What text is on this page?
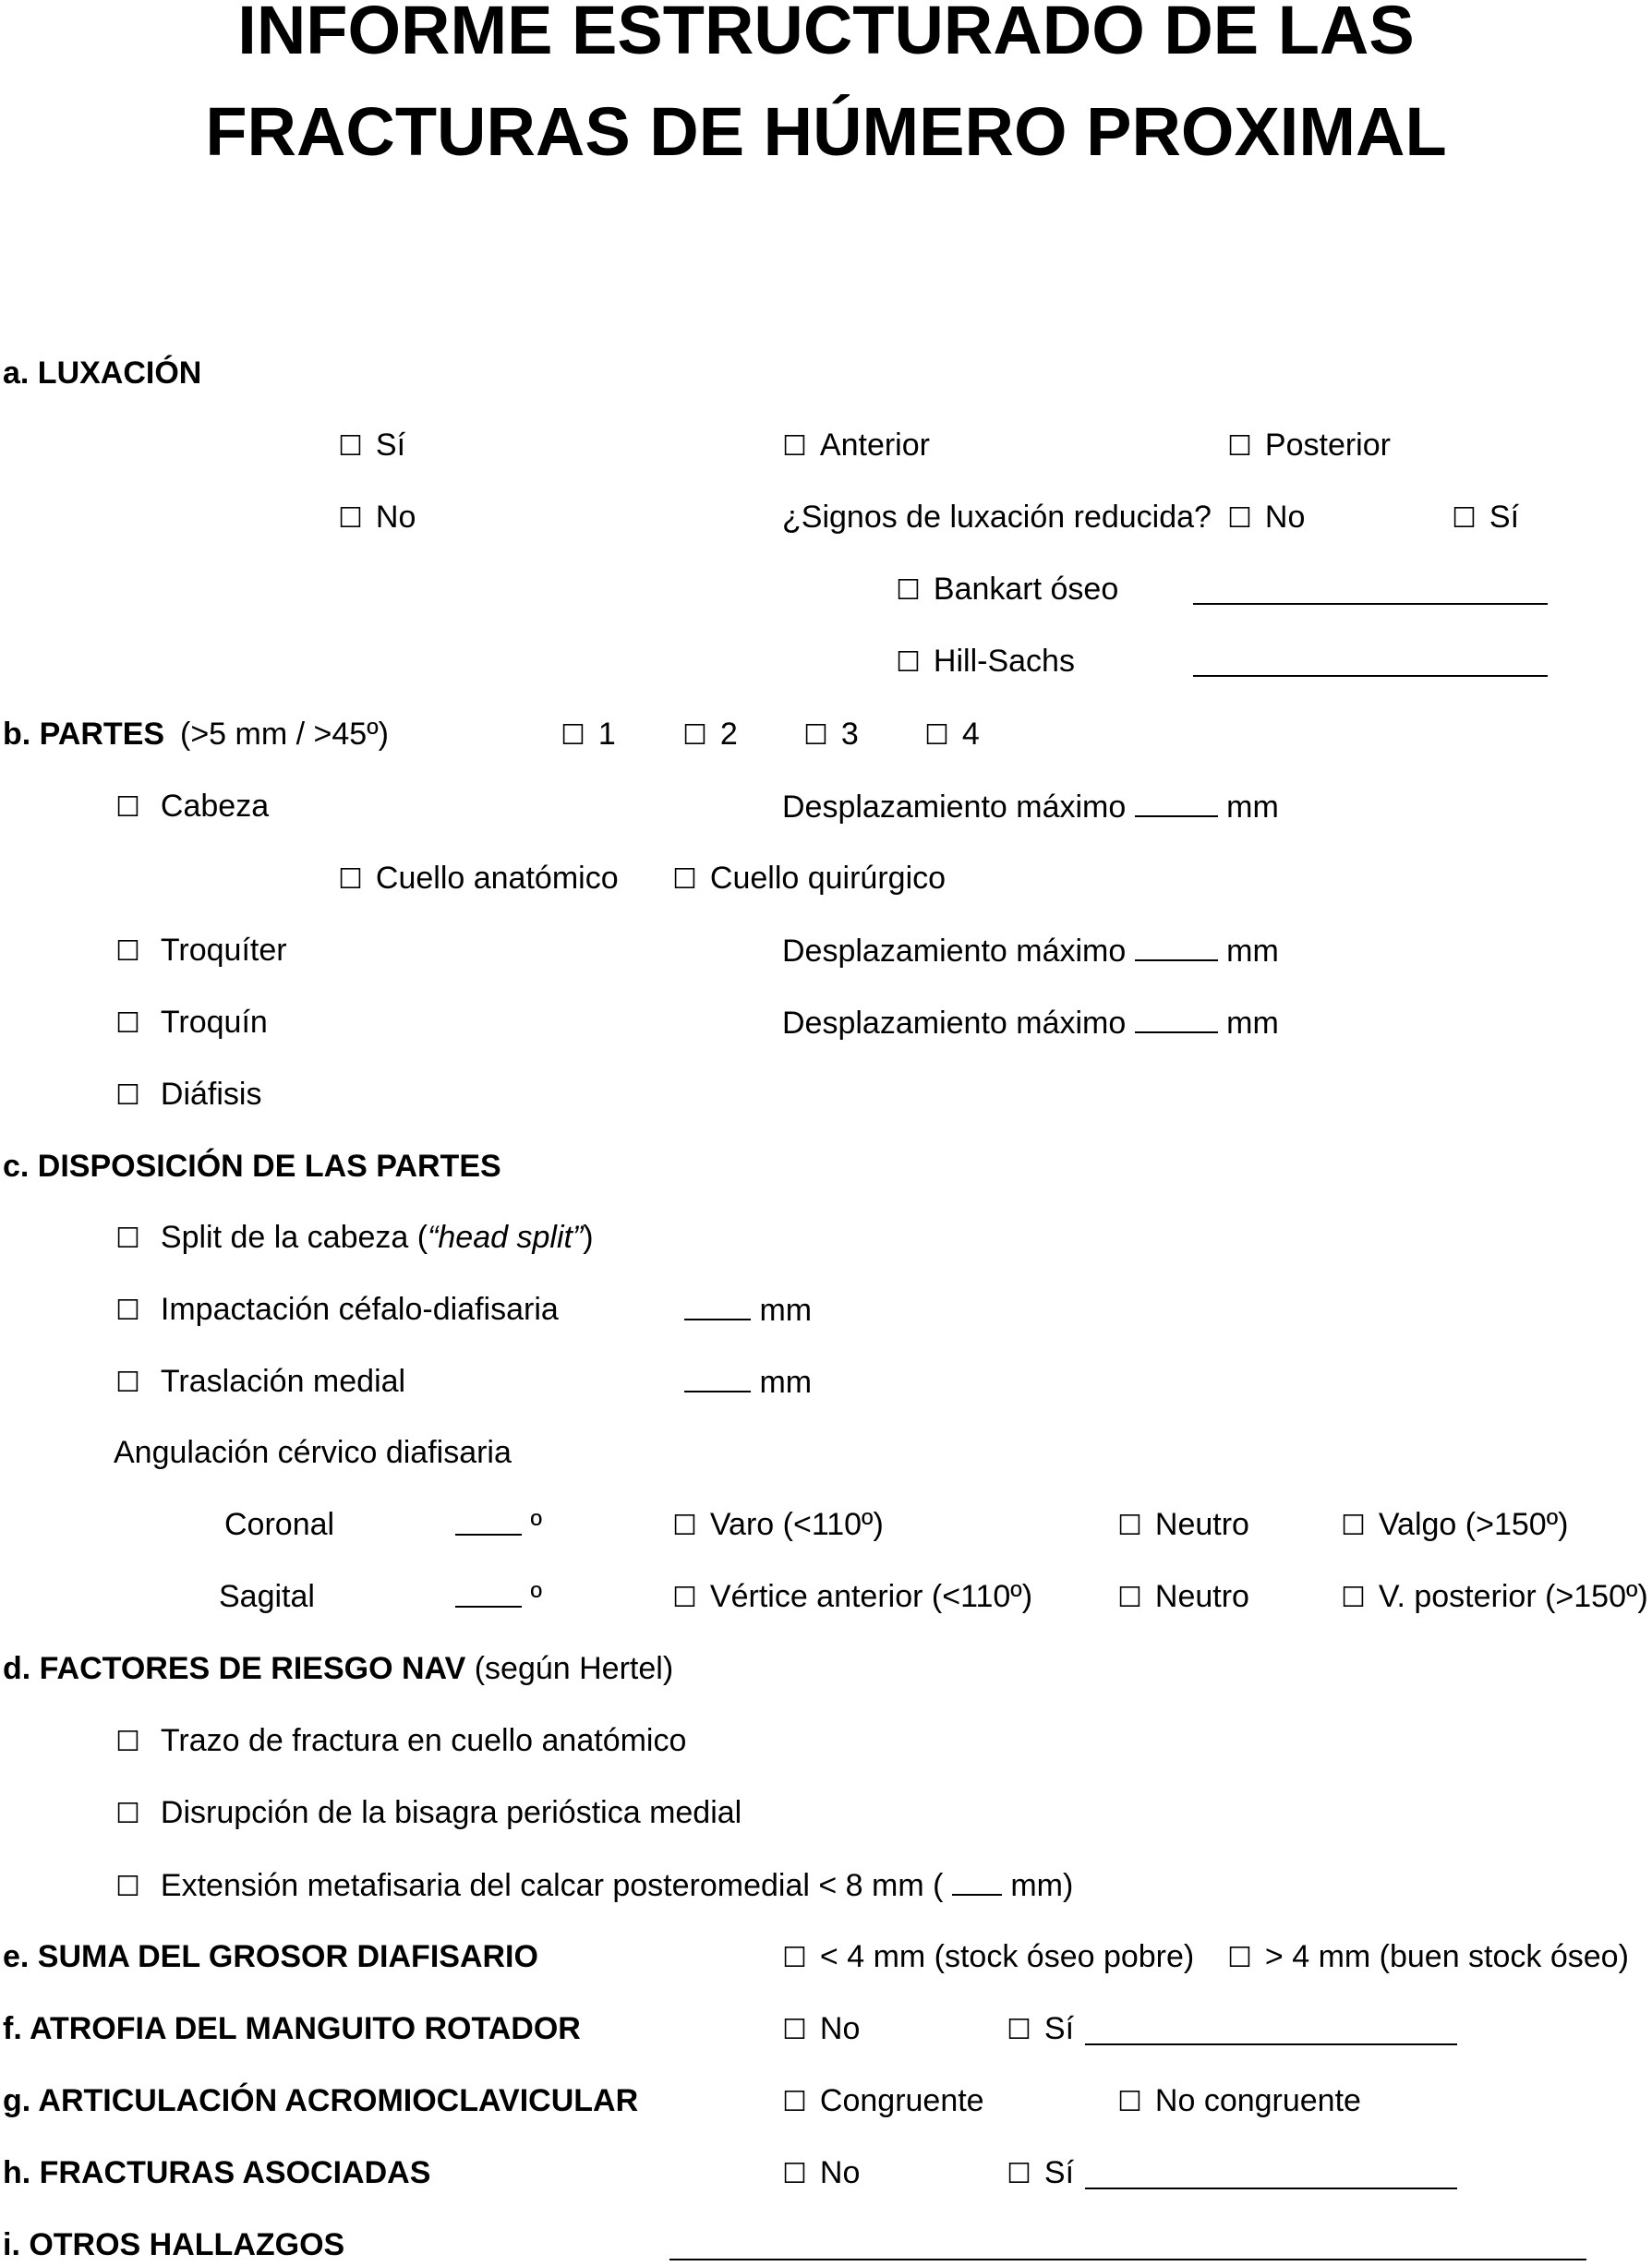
INFORME ESTRUCTURADO DE LAS
FRACTURAS DE HÚMERO PROXIMAL
a. LUXACIÓN
☐ Sí	☐ Anterior	☐ Posterior
☐ No	¿Signos de luxación reducida? ☐ No	☐ Sí
☐ Bankart óseo
☐ Hill-Sachs
b. PARTES (>5 mm / >45º)	☐ 1 ☐ 2 ☐ 3 ☐ 4
☐ Cabeza	Desplazamiento máximo	mm
☐ Cuello anatómico ☐ Cuello quirúrgico
☐ Troquíter	Desplazamiento máximo	mm
☐ Troquín	Desplazamiento máximo	mm
☐ Diáfisis
c. DISPOSICIÓN DE LAS PARTES
☐ Split de la cabeza (“head split”)
☐ Impactación céfalo-diafisaria	mm
☐ Traslación medial	mm
Angulación cérvico diafisaria
Coronal	º	☐ Varo (<110º)	☐ Neutro	☐ Valgo (>150º)
Sagital	º	☐ Vértice anterior (<110º)	☐ Neutro	☐ V. posterior (>150º)
d. FACTORES DE RIESGO NAV (según Hertel)
☐ Trazo de fractura en cuello anatómico
☐ Disrupción de la bisagra perióstica medial
☐ Extensión metafisaria del calcar posteromedial < 8 mm ( mm)
e. SUMA DEL GROSOR DIAFISARIO	☐ < 4 mm (stock óseo pobre) ☐ > 4 mm (buen stock óseo)
f. ATROFIA DEL MANGUITO ROTADOR	☐ No	☐ Sí
g. ARTICULACIÓN ACROMIOCLAVICULAR	☐ Congruente	☐ No congruente
h. FRACTURAS ASOCIADAS	☐ No	☐ Sí
i. OTROS HALLAZGOS
